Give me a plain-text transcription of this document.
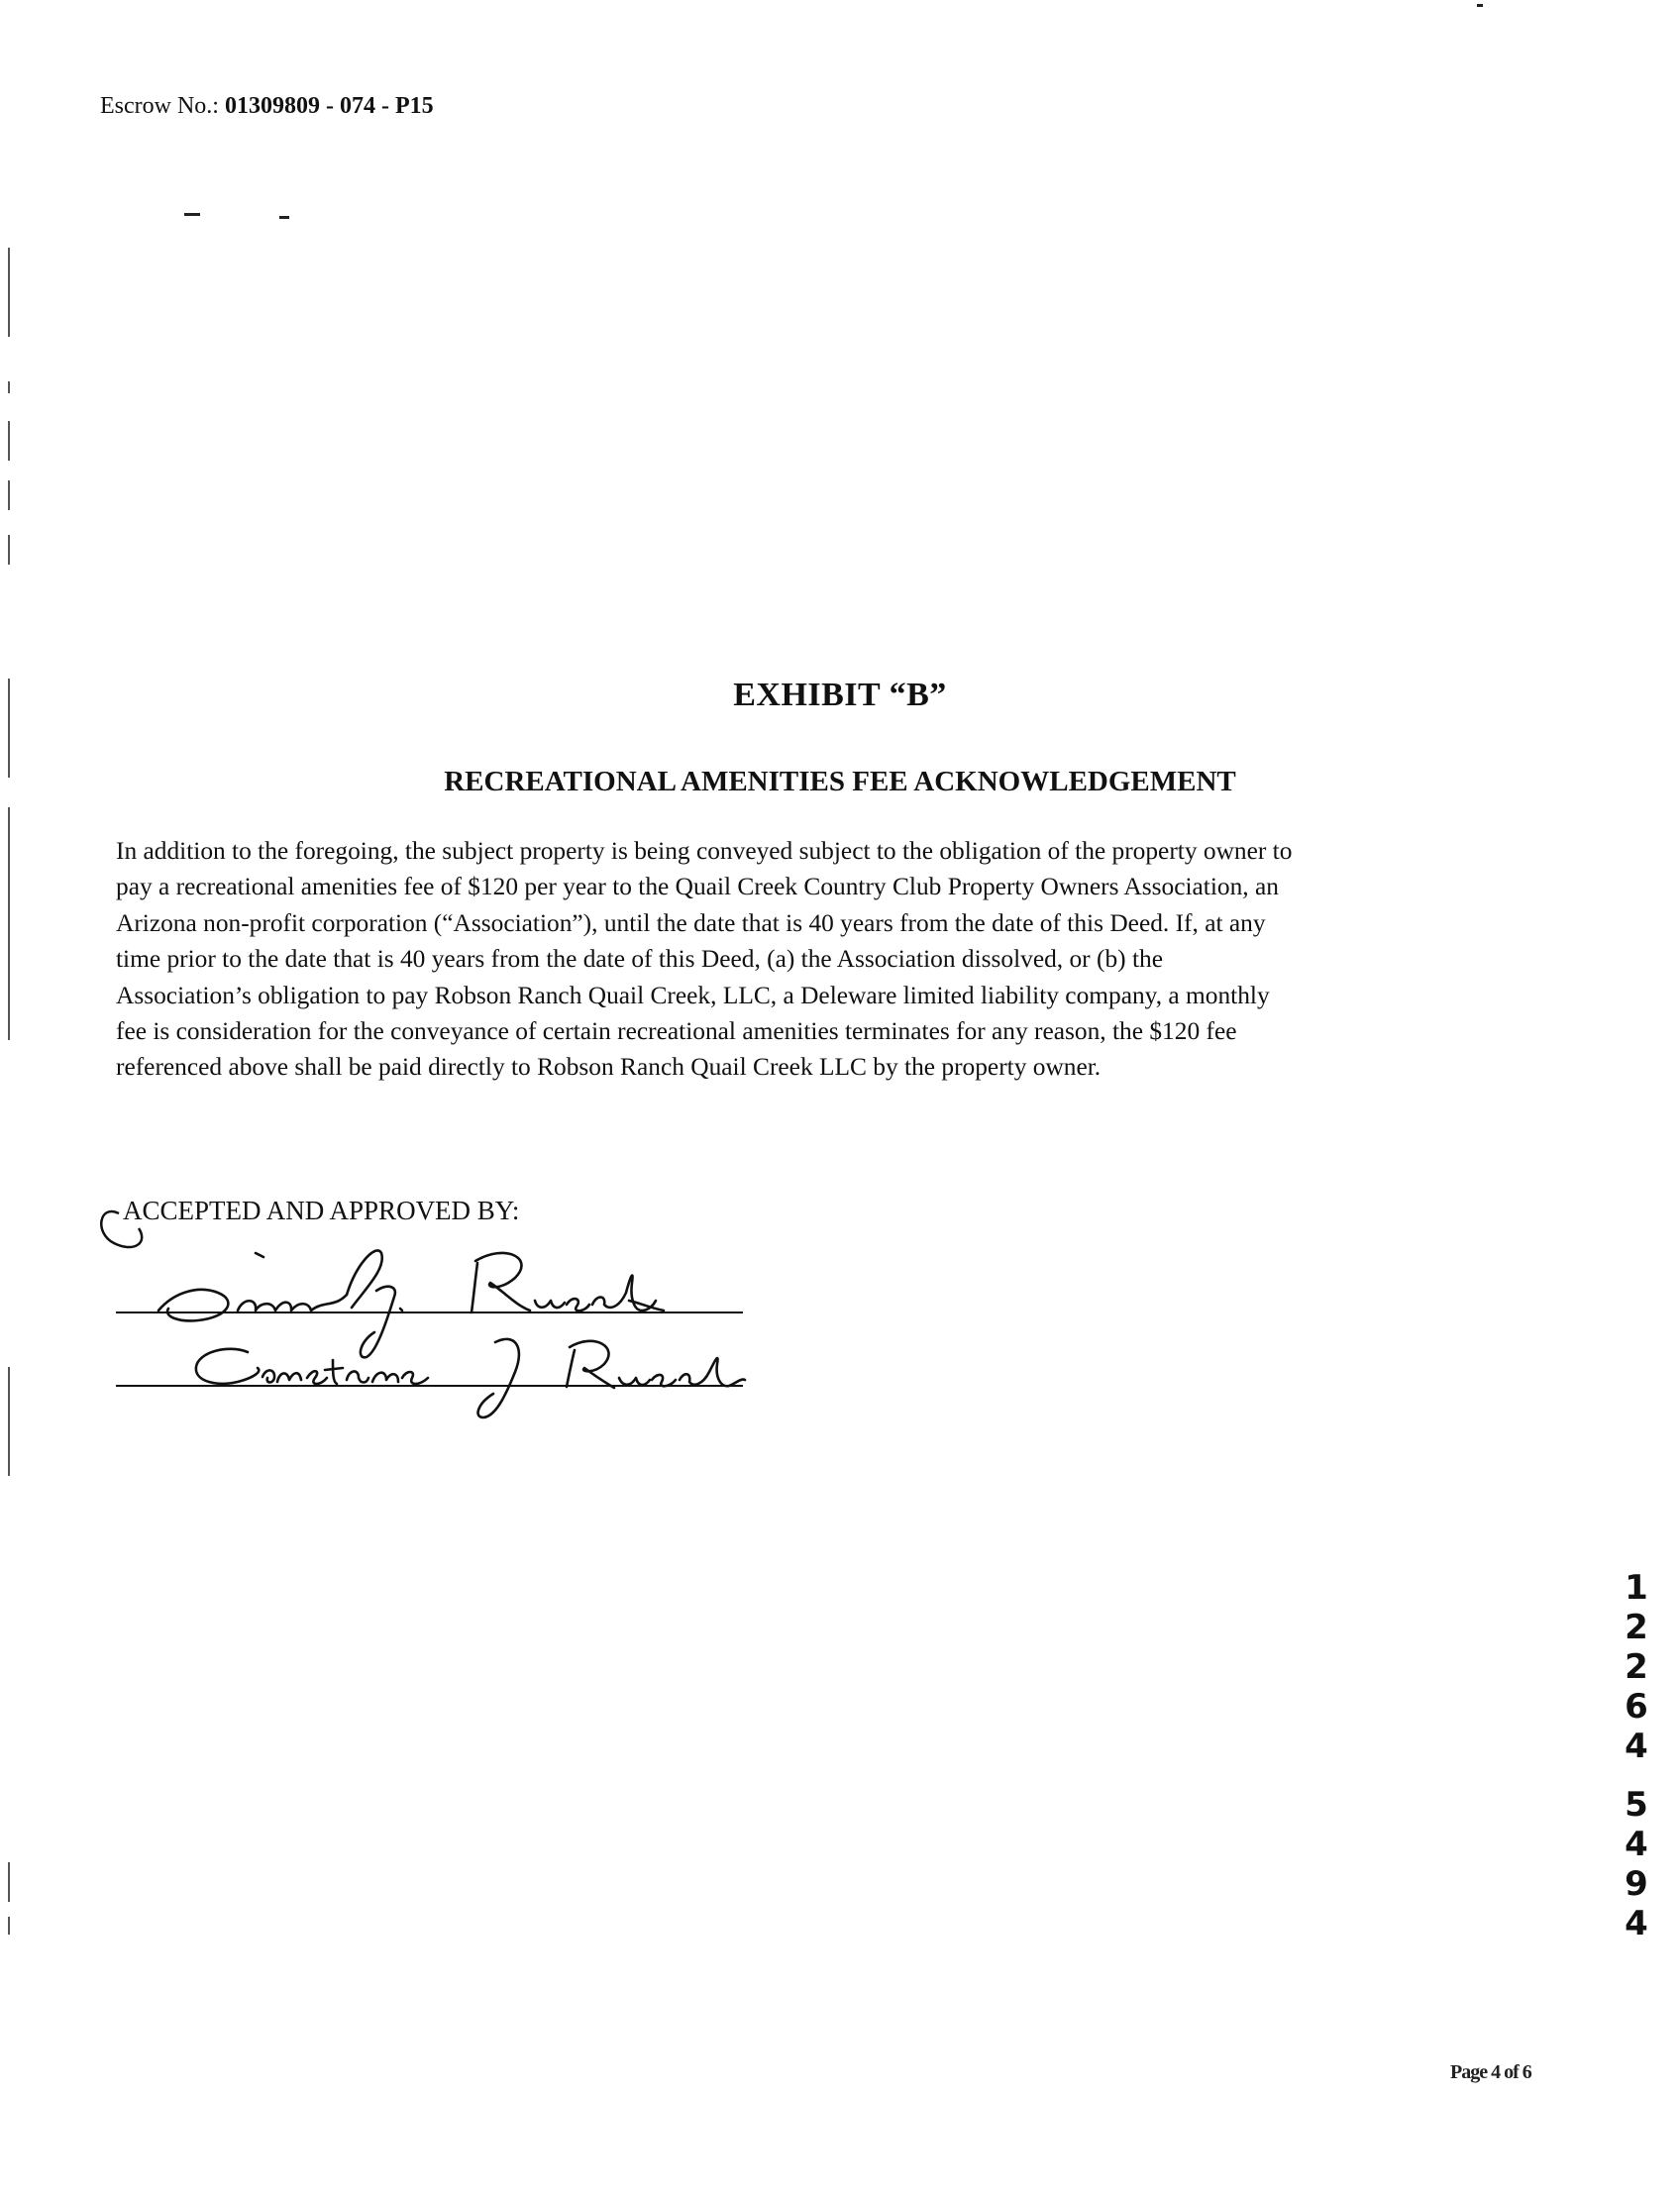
Escrow No.: 01309809 - 074 - P15
EXHIBIT “B”
RECREATIONAL AMENITIES FEE ACKNOWLEDGEMENT
In addition to the foregoing, the subject property is being conveyed subject to the obligation of the property owner to
pay a recreational amenities fee of $120 per year to the Quail Creek Country Club Property Owners Association, an
Arizona non-profit corporation (“Association”), until the date that is 40 years from the date of this Deed. If, at any
time prior to the date that is 40 years from the date of this Deed, (a) the Association dissolved, or (b) the
Association’s obligation to pay Robson Ranch Quail Creek, LLC, a Deleware limited liability company, a monthly
fee is consideration for the conveyance of certain recreational amenities terminates for any reason, the $120 fee
referenced above shall be paid directly to Robson Ranch Quail Creek LLC by the property owner.
ACCEPTED AND APPROVED BY:
1
2
2
6
4
5
4
9
4
Page 4 of 6
